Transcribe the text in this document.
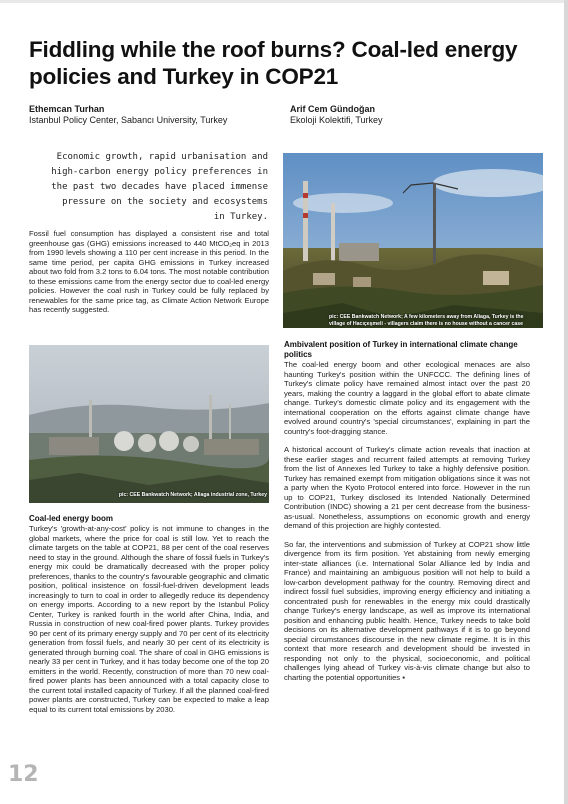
Fiddling while the roof burns? Coal-led energy policies and Turkey in COP21
Ethemcan Turhan
Istanbul Policy Center, Sabancı University, Turkey
Arif Cem Gündoğan
Ekoloji Kolektifi, Turkey

Economic growth, rapid urbanisation and high-carbon energy policy preferences in the past two decades have placed immense pressure on the society and ecosystems in Turkey.

Fossil fuel consumption has displayed a consistent rise and total greenhouse gas (GHG) emissions increased to 440 MtCO₂eq in 2013 from 1990 levels showing a 110 per cent increase in this period. In the same time period, per capita GHG emissions in Turkey increased about two fold from 3.2 tons to 6.04 tons. The most notable contribution to these emissions came from the energy sector due to coal-led energy policies. However the coal rush in Turkey could be fully replaced by renewables for the same price tag, as Climate Action Network Europe has recently suggested.

pic: CEE Bankwatch Network; A few kilometers away from Aliaga, Turkey is the village of Hacıçeşmeli - villagers claim there is no house without a cancer case
pic: CEE Bankwatch Network; Aliaga industrial zone, Turkey

Coal-led energy boom

Turkey's 'growth-at-any-cost' policy is not immune to changes in the global markets, where the price for coal is still low. Yet to reach the climate targets on the table at COP21, 88 per cent of the coal reserves need to stay in the ground. Although the share of fossil fuels in Turkey's energy mix could be dramatically decreased with the proper policy preferences, thanks to the country's favourable geographic and climatic position, political insistence on fossil-fuel-driven development leads increasingly to turn to coal in order to allegedly reduce its dependency on energy imports. According to a new report by the Istanbul Policy Center, Turkey is ranked fourth in the world after China, India, and Russia in construction of new coal-fired power plants. Turkey provides 90 per cent of its primary energy supply and 70 per cent of its electricity generation from fossil fuels, and nearly 30 per cent of its electricity is generated through burning coal. The share of coal in GHG emissions is nearly 33 per cent in Turkey, and it has today become one of the top 20 emitters in the world. Recently, construction of more than 70 new coal-fired power plants has been announced with a total capacity close to the current total installed capacity of Turkey. If all the planned coal-fired power plants are constructed, Turkey can be expected to make a leap equal to its current total emissions by 2030.

Ambivalent position of Turkey in international climate change politics

The coal-led energy boom and other ecological menaces are also haunting Turkey's position within the UNFCCC. The defining lines of Turkey's climate policy have remained almost intact over the past 20 years, making the country a laggard in the global effort to abate climate change. Turkey's domestic climate policy and its engagement with the international cooperation on the efforts against climate change have evolved around country's 'special circumstances', explaining in part the country's foot-dragging stance.

A historical account of Turkey's climate action reveals that inaction at these earlier stages and recurrent failed attempts at removing Turkey from the list of Annexes led Turkey to take a highly defensive position. Turkey has remained exempt from mitigation obligations since it was not a party when the Kyoto Protocol entered into force. However in the run up to COP21, Turkey disclosed its Intended Nationally Determined Contribution (INDC) showing a 21 per cent decrease from the business-as-usual. Nonetheless, assumptions on economic growth and energy demand of this projection are highly contested.

So far, the interventions and submission of Turkey at COP21 show little divergence from its firm position. Yet abstaining from newly emerging inter-state alliances (i.e. International Solar Alliance led by India and France) and maintaining an ambiguous position will not help to build a low-carbon development pathway for the country. Removing direct and indirect fossil fuel subsidies, improving energy efficiency and initiating a concentrated push for renewables in the energy mix could drastically change Turkey's energy landscape, as well as improve its international position and enhancing public health. Hence, Turkey needs to take bold decisions on its alternative development pathways if it is to go beyond special circumstances discourse in the new climate regime. It is in this context that more research and development should be invested in responding not only to the physical, socioeconomic, and political challenges lying ahead of Turkey vis-à-vis climate change but also to charting the potential opportunities ▪

12
